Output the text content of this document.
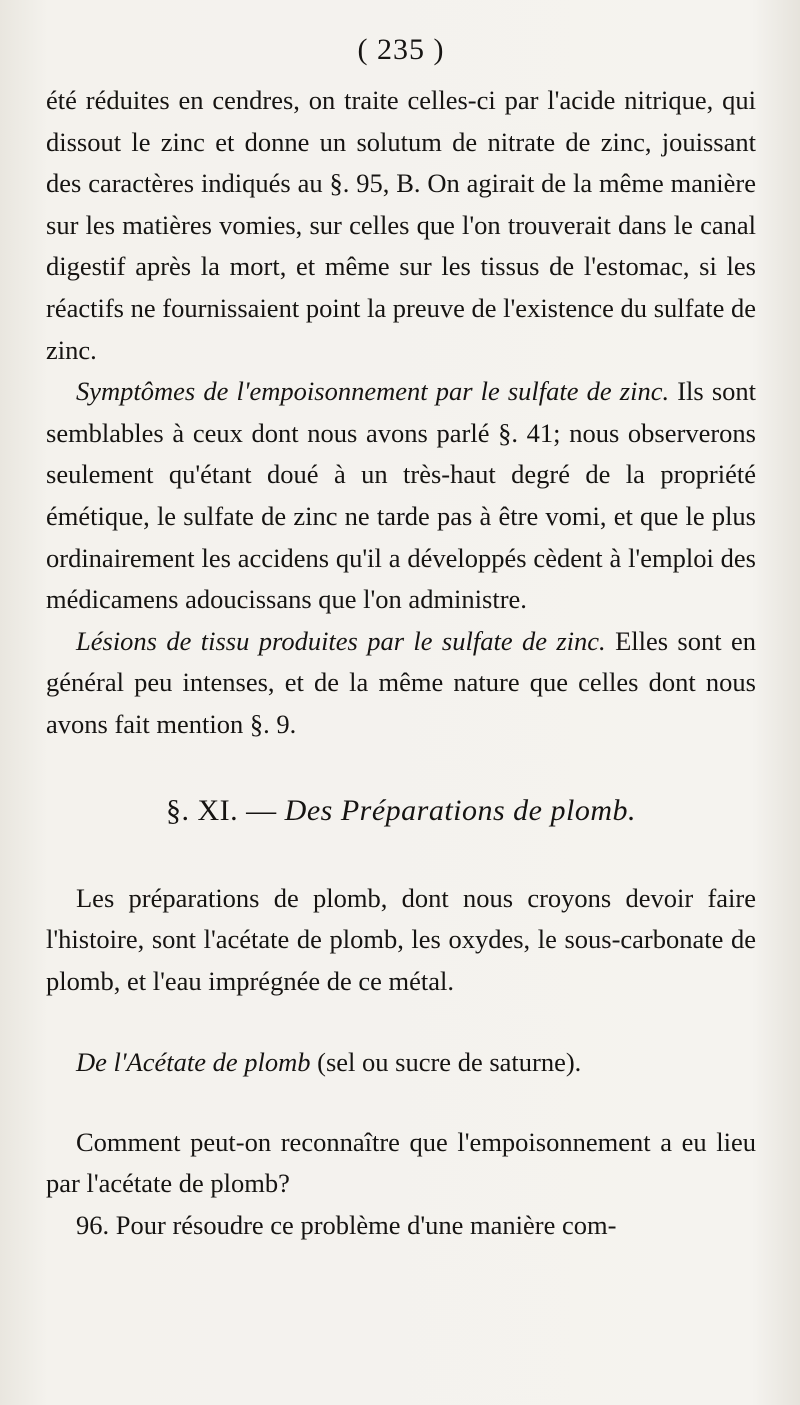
( 235 )

été réduites en cendres, on traite celles-ci par l'acide nitrique, qui dissout le zinc et donne un solutum de nitrate de zinc, jouissant des caractères indiqués au §. 95, B. On agirait de la même manière sur les matières vomies, sur celles que l'on trouverait dans le canal digestif après la mort, et même sur les tissus de l'estomac, si les réactifs ne fournissaient point la preuve de l'existence du sulfate de zinc.

Symptômes de l'empoisonnement par le sulfate de zinc. Ils sont semblables à ceux dont nous avons parlé §. 41; nous observerons seulement qu'étant doué à un très-haut degré de la propriété émétique, le sulfate de zinc ne tarde pas à être vomi, et que le plus ordinairement les accidens qu'il a développés cèdent à l'emploi des médicamens adoucissans que l'on administre.

Lésions de tissu produites par le sulfate de zinc. Elles sont en général peu intenses, et de la même nature que celles dont nous avons fait mention §. 9.

§. XI. — Des Préparations de plomb.

Les préparations de plomb, dont nous croyons devoir faire l'histoire, sont l'acétate de plomb, les oxydes, le sous-carbonate de plomb, et l'eau imprégnée de ce métal.

De l'Acétate de plomb (sel ou sucre de saturne).

Comment peut-on reconnaître que l'empoisonnement a eu lieu par l'acétate de plomb?

96. Pour résoudre ce problème d'une manière com-
